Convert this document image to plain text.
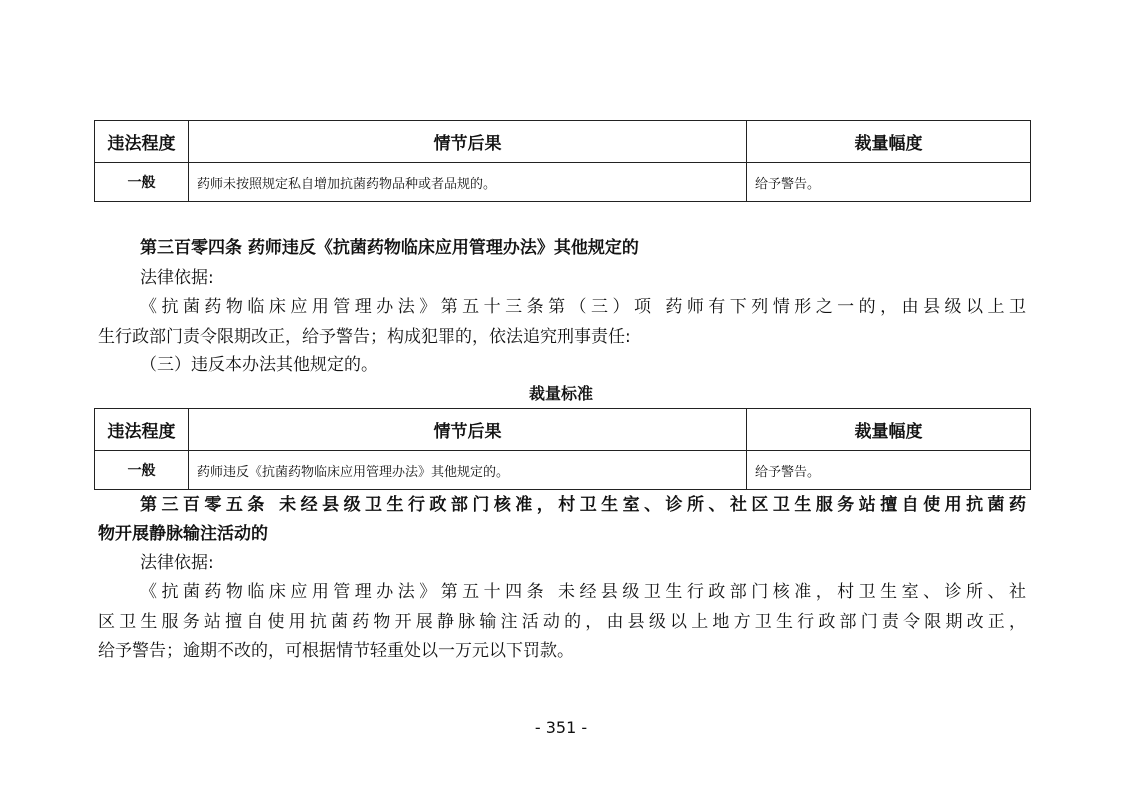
违法程度	情节后果	裁量幅度
一般	药师未按照规定私自增加抗菌药物品种或者品规的。	给予警告。
第三百零四条 药师违反《抗菌药物临床应用管理办法》其他规定的
法律依据:
《抗菌药物临床应用管理办法》第五十三条第（三）项 药师有下列情形之一的，由县级以上卫
生行政部门责令限期改正，给予警告；构成犯罪的，依法追究刑事责任:
（三）违反本办法其他规定的。
裁量标准
违法程度	情节后果	裁量幅度
一般	药师违反《抗菌药物临床应用管理办法》其他规定的。	给予警告。
第三百零五条 未经县级卫生行政部门核准，村卫生室、诊所、社区卫生服务站擅自使用抗菌药
物开展静脉输注活动的
法律依据:
《抗菌药物临床应用管理办法》第五十四条 未经县级卫生行政部门核准，村卫生室、诊所、社
区卫生服务站擅自使用抗菌药物开展静脉输注活动的，由县级以上地方卫生行政部门责令限期改正，
给予警告；逾期不改的，可根据情节轻重处以一万元以下罚款。
- 351 -
